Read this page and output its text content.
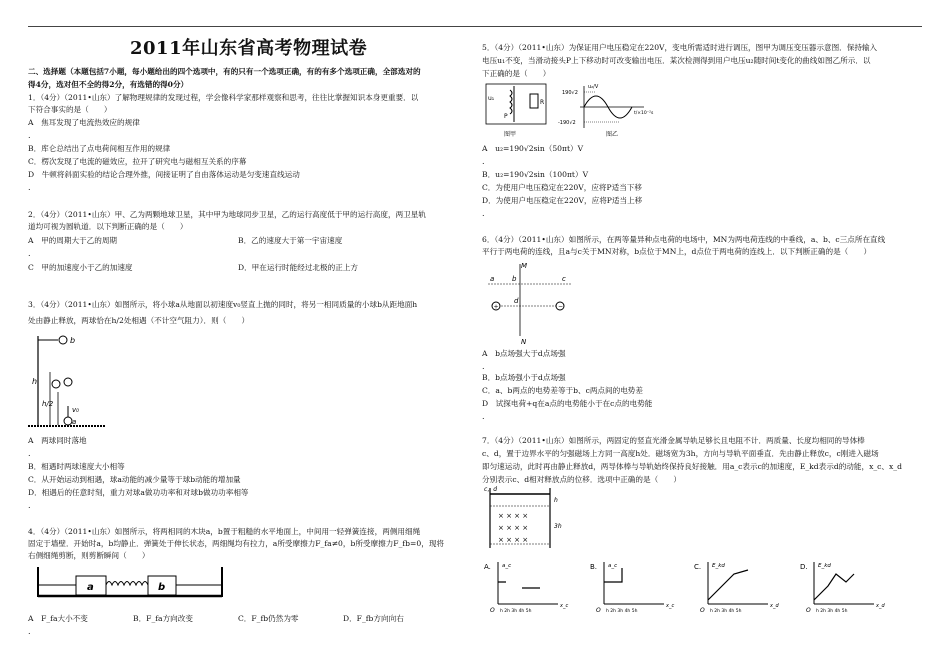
2011年山东省高考物理试卷
二、选择题（本题包括7小题，每小题给出的四个选项中，有的只有一个选项正确，有的有多个选项正确，全部选对的
得4分，选对但不全的得2分，有选错的得0分）
1．（4分）（2011•山东）了解物理规律的发现过程，学会像科学家那样观察和思考，往往比掌握知识本身更重要．以
下符合事实的是（　　）
A　焦耳发现了电流热效应的规律
.
B．库仑总结出了点电荷间相互作用的规律
C．楞次发现了电流的磁效应，拉开了研究电与磁相互关系的序幕
D　牛顿将斜面实验的结论合理外推，间接证明了自由落体运动是匀变速直线运动
.
2．（4分）（2011•山东）甲、乙为两颗地球卫星，其中甲为地球同步卫星，乙的运行高度低于甲的运行高度，两卫星轨
道均可视为圆轨道．以下判断正确的是（　　）
A　甲的周期大于乙的周期	B．乙的速度大于第一宇宙速度
.
C　甲的加速度小于乙的加速度	D．甲在运行时能经过北极的正上方
3．（4分）（2011•山东）如图所示，将小球a从地面以初速度v₀竖直上抛的同时，将另一相同质量的小球b从距地面h
处由静止释放，两球恰在h/2处相遇（不计空气阻力）．则（　　）
b
h
h/2
v₀
a
A　两球同时落地
.
B．相遇时两球速度大小相等
C．从开始运动到相遇，球a动能的减少量等于球b动能的增加量
D．相遇后的任意时刻，重力对球a做功功率和对球b做功功率相等
.
4．（4分）（2011•山东）如图所示，将两相同的木块a，b置于粗糙的水平地面上，中间用一轻弹簧连接，两侧用细绳
固定于墙壁．开始时a，b均静止．弹簧处于伸长状态，两细绳均有拉力，a所受摩擦力F_fa≠0，b所受摩擦力F_fb=0，现将
右侧细绳剪断，则剪断瞬间（　　）
a	b
A　F_fa大小不变	B．F_fa方向改变	C．F_fb仍然为零	D．F_fb方向向右
.
5．（4分）（2011•山东）为保证用户电压稳定在220V，变电所需适时进行调压，图甲为调压变压器示意图．保持输入
电压u₁不变，当滑动接头P上下移动时可改变输出电压．某次检测得到用户电压u₂随时间t变化的曲线如图乙所示．以
下正确的是（　　）
u₁
P
R
图甲
u₂/V
190√2
-190√2
t/×10⁻²s
图乙
A　u₂=190√2sin（50πt）V
.
B．u₂=190√2sin（100πt）V
C．为使用户电压稳定在220V，应将P适当下移
D．为使用户电压稳定在220V，应将P适当上移
.
6．（4分）（2011•山东）如图所示，在两等量异种点电荷的电场中，MN为两电荷连线的中垂线，a、b、c三点所在直线
平行于两电荷的连线，且a与c关于MN对称，b点位于MN上，d点位于两电荷的连线上．以下判断正确的是（　　）
M
N
a	b	c
+	−
d
A　b点场强大于d点场强
.
B．b点场强小于d点场强
C．a、b两点的电势差等于b、c两点间的电势差
D　试探电荷+q在a点的电势能小于在c点的电势能
.
7．（4分）（2011•山东）如图所示，两固定的竖直光滑金属导轨足够长且电阻不计．两质量、长度均相同的导体棒
c、d，置于边界水平的匀强磁场上方同一高度h处．磁场宽为3h，方向与导轨平面垂直．先由静止释放c，c刚进入磁场
即匀速运动，此时再由静止释放d，两导体棒与导轨始终保持良好接触．用a_c表示c的加速度，E_kd表示d的动能，x_c、x_d
分别表示c、d相对释放点的位移．选项中正确的是（　　）
c，d
× × × ×
× × × ×
× × × ×
h
3h
A. a_c
x_c
h 2h 3h 4h 5h
O
B. a_c
x_c
h 2h 3h 4h 5h
O
C. E_kd
x_d
h 2h 3h 4h 5h
O
D. E_kd
x_d
h 2h 3h 4h 5h
O
